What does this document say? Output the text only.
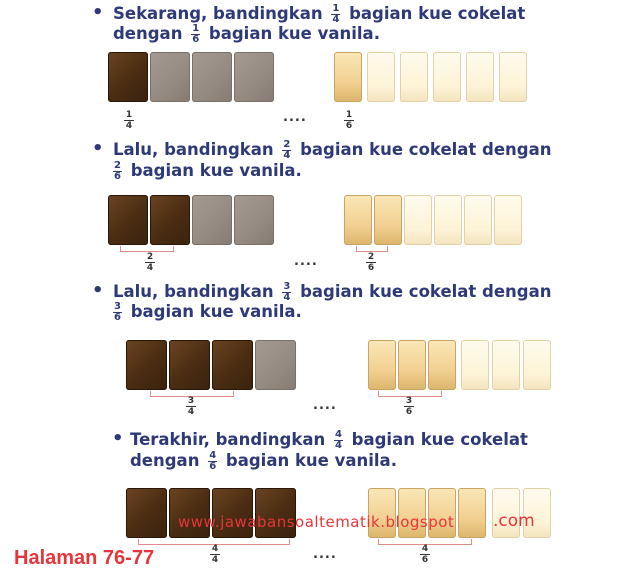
• Sekarang, bandingkan $\frac{1}{4}$ bagian kue cokelat
dengan $\frac{1}{6}$ bagian kue vanila.
$\frac{1}{4}$	....	$\frac{1}{6}$
• Lalu, bandingkan $\frac{2}{4}$ bagian kue cokelat dengan
$\frac{2}{6}$ bagian kue vanila.
$\frac{2}{4}$	....	$\frac{2}{6}$
• Lalu, bandingkan $\frac{3}{4}$ bagian kue cokelat dengan
$\frac{3}{6}$ bagian kue vanila.
$\frac{3}{4}$	....	$\frac{3}{6}$
• Terakhir, bandingkan $\frac{4}{4}$ bagian kue cokelat
dengan $\frac{4}{6}$ bagian kue vanila.
www.jawabansoaltematik.blogspot .com
$\frac{4}{4}$	....	$\frac{4}{6}$
Halaman 76-77
